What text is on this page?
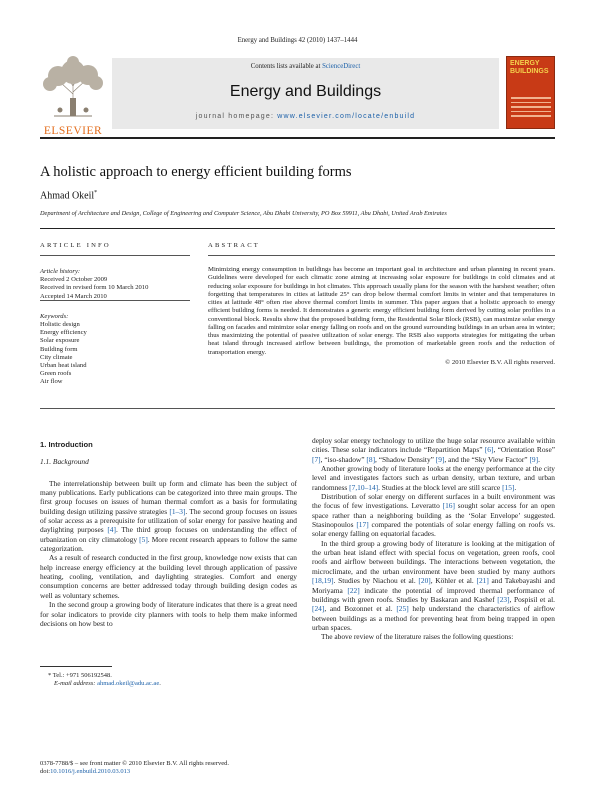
Energy and Buildings 42 (2010) 1437–1444
ELSEVIER
Contents lists available at ScienceDirect
Energy and Buildings
journal homepage: www.elsevier.com/locate/enbuild
ENERGY
BUILDINGS
A holistic approach to energy efficient building forms
Ahmad Okeil*
Department of Architecture and Design, College of Engineering and Computer Science, Abu Dhabi University, PO Box 59911, Abu Dhabi, United Arab Emirates
ARTICLE INFO
Article history:
Received 2 October 2009
Received in revised form 10 March 2010
Accepted 14 March 2010
Keywords:
Holistic design
Energy efficiency
Solar exposure
Building form
City climate
Urban heat island
Green roofs
Air flow
ABSTRACT
Minimizing energy consumption in buildings has become an important goal in architecture and urban planning in recent years. Guidelines were developed for each climatic zone aiming at increasing solar exposure for buildings in cold climates and at reducing solar exposure for buildings in hot climates. This approach usually plans for the season with the harshest weather; often forgetting that temperatures in cities at latitude 25° can drop below thermal comfort limits in winter and that temperatures in cities at latitude 48° often rise above thermal comfort limits in summer. This paper argues that a holistic approach to energy efficient building forms is needed. It demonstrates a generic energy efficient building form derived by cutting solar profiles in a conventional block. Results show that the proposed building form, the Residential Solar Block (RSB), can maximize solar energy falling on facades and minimize solar energy falling on roofs and on the ground surrounding buildings in an urban area in winter; thus maximizing the potential of passive utilization of solar energy. The RSB also supports strategies for mitigating the urban heat island through increased airflow between buildings, the promotion of marketable green roofs and the reduction of transportation energy.
© 2010 Elsevier B.V. All rights reserved.
1. Introduction
1.1. Background

The interrelationship between built up form and climate has been the subject of many publications. Early publications can be categorized into three main groups. The first group focuses on issues of human thermal comfort as a basis for formulating building design utilizing passive strategies [1–3]. The second group focuses on issues of solar access as a prerequisite for utilization of solar energy for passive heating and daylighting purposes [4]. The third group focuses on understanding the effect of urbanization on city climatology [5]. More recent research appears to follow the same categorization.

As a result of research conducted in the first group, knowledge now exists that can help increase energy efficiency at the building level through application of passive heating, cooling, ventilation, and daylighting strategies. Comfort and energy consumption concerns are better addressed today through building design codes as well as voluntary schemes.

In the second group a growing body of literature indicates that there is a great need for solar indicators to provide city planners with tools to help them make informed decisions on how best to

deploy solar energy technology to utilize the huge solar resource available within cities. These solar indicators include “Repartition Maps” [6], “Orientation Rose” [7], “iso-shadow” [8], “Shadow Density” [9], and the “Sky View Factor” [9].

Another growing body of literature looks at the energy performance at the city level and investigates factors such as urban density, urban texture, and urban randomness [7,10–14]. Studies at the block level are still scarce [15].

Distribution of solar energy on different surfaces in a built environment was the focus of few investigations. Leveratto [16] sought solar access for an open space rather than a neighboring building as the ‘Solar Envelope’ suggested. Stasinopoulos [17] compared the potentials of solar energy falling on roofs vs. solar energy falling on equatorial facades.

In the third group a growing body of literature is looking at the mitigation of the urban heat island effect with special focus on vegetation, green roofs, cool roofs and airflow between buildings. The interactions between vegetation, the microclimate, and the urban environment have been studied by many authors [18,19]. Studies by Niachou et al. [20], Köhler et al. [21] and Takebayashi and Moriyama [22] indicate the potential of improved thermal performance of buildings with green roofs. Studies by Baskaran and Kashef [23], Pospisil et al. [24], and Bozonnet et al. [25] help understand the characteristics of airflow between buildings as a method for preventing heat from being trapped in open urban spaces.

The above review of the literature raises the following questions:

* Tel.: +971 506192548.
E-mail address: ahmad.okeil@adu.ac.ae.
0378-7788/$ – see front matter © 2010 Elsevier B.V. All rights reserved.
doi:10.1016/j.enbuild.2010.03.013
